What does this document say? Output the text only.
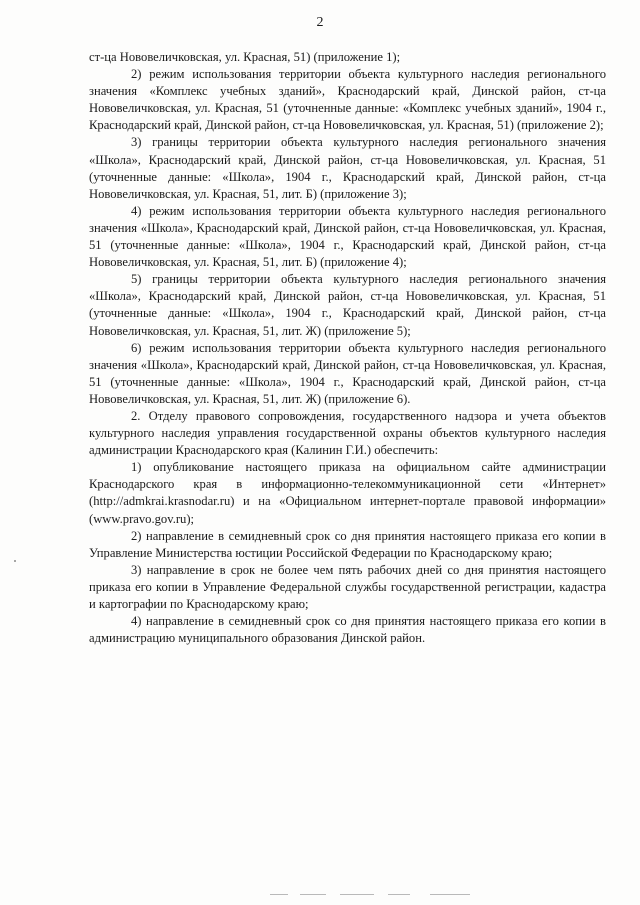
2

ст-ца Нововеличковская, ул. Красная, 51) (приложение 1);

2) режим использования территории объекта культурного наследия регионального значения «Комплекс учебных зданий», Краснодарский край, Динской район, ст-ца Нововеличковская, ул. Красная, 51 (уточненные данные: «Комплекс учебных зданий», 1904 г., Краснодарский край, Динской район, ст-ца Нововеличковская, ул. Красная, 51) (приложение 2);

3) границы территории объекта культурного наследия регионального значения «Школа», Краснодарский край, Динской район, ст-ца Нововеличковская, ул. Красная, 51 (уточненные данные: «Школа», 1904 г., Краснодарский край, Динской район, ст-ца Нововеличковская, ул. Красная, 51, лит. Б) (приложение 3);

4) режим использования территории объекта культурного наследия регионального значения «Школа», Краснодарский край, Динской район, ст-ца Нововеличковская, ул. Красная, 51 (уточненные данные: «Школа», 1904 г., Краснодарский край, Динской район, ст-ца Нововеличковская, ул. Красная, 51, лит. Б) (приложение 4);

5) границы территории объекта культурного наследия регионального значения «Школа», Краснодарский край, Динской район, ст-ца Нововеличковская, ул. Красная, 51 (уточненные данные: «Школа», 1904 г., Краснодарский край, Динской район, ст-ца Нововеличковская, ул. Красная, 51, лит. Ж) (приложение 5);

6) режим использования территории объекта культурного наследия регионального значения «Школа», Краснодарский край, Динской район, ст-ца Нововеличковская, ул. Красная, 51 (уточненные данные: «Школа», 1904 г., Краснодарский край, Динской район, ст-ца Нововеличковская, ул. Красная, 51, лит. Ж) (приложение 6).

2. Отделу правового сопровождения, государственного надзора и учета объектов культурного наследия управления государственной охраны объектов культурного наследия администрации Краснодарского края (Калинин Г.И.) обеспечить:

1) опубликование настоящего приказа на официальном сайте администрации Краснодарского края в информационно-телекоммуникационной сети «Интернет» (http://admkrai.krasnodar.ru) и на «Официальном интернет-портале правовой информации» (www.pravo.gov.ru);

2) направление в семидневный срок со дня принятия настоящего приказа его копии в Управление Министерства юстиции Российской Федерации по Краснодарскому краю;

3) направление в срок не более чем пять рабочих дней со дня принятия настоящего приказа его копии в Управление Федеральной службы государственной регистрации, кадастра и картографии по Краснодарскому краю;

4) направление в семидневный срок со дня принятия настоящего приказа его копии в администрацию муниципального образования Динской район.
